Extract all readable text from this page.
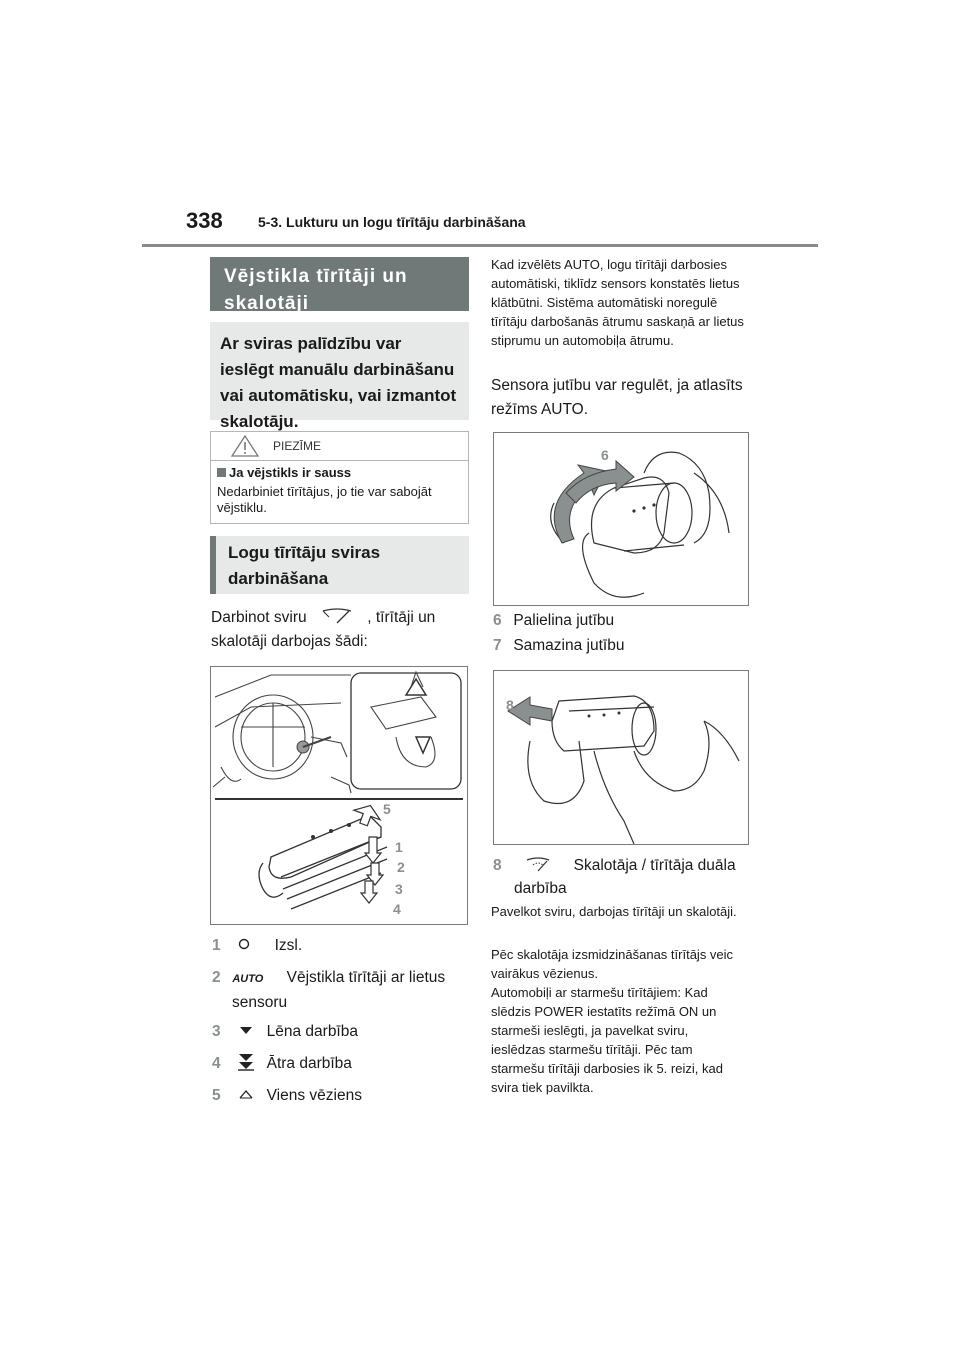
338	5-3. Lukturu un logu tīrītāju darbināšana
Vējstikla tīrītāji un skalotāji
Ar sviras palīdzību var ieslēgt manuālu darbināšanu vai automātisku, vai izmantot skalotāju.
PIEZĪME
Ja vējstikls ir sauss
Nedarbiniet tīrītājus, jo tie var sabojāt vējstiklu.
Logu tīrītāju sviras darbināšana
Darbinot sviru	, tīrītāji un
skalotāji darbojas šādi:
5
1
2
3
4
1	Izsl.
2 AUTO Vējstikla tīrītāji ar lietus
sensoru
3	Lēna darbība
4	Ātra darbība
5	Viens vēziens
Kad izvēlēts AUTO, logu tīrītāji darbosies automātiski, tiklīdz sensors konstatēs lietus klātbūtni. Sistēma automātiski noregulē tīrītāju darbošanās ātrumu saskaņā ar lietus stiprumu un automobiļa ātrumu.
Sensora jutību var regulēt, ja atlasīts režīms AUTO.
6
7
6 Palielina jutību
7 Samazina jutību
8
8	Skalotāja / tīrītāja duāla
darbība
Pavelkot sviru, darbojas tīrītāji un skalotāji.
Pēc skalotāja izsmidzināšanas tīrītājs veic vairākus vēzienus.
Automobiļi ar starmešu tīrītājiem: Kad slēdzis POWER iestatīts režīmā ON un starmeši ieslēgti, ja pavelkat sviru, ieslēdzas starmešu tīrītāji. Pēc tam starmešu tīrītāji darbosies ik 5. reizi, kad svira tiek pavilkta.
